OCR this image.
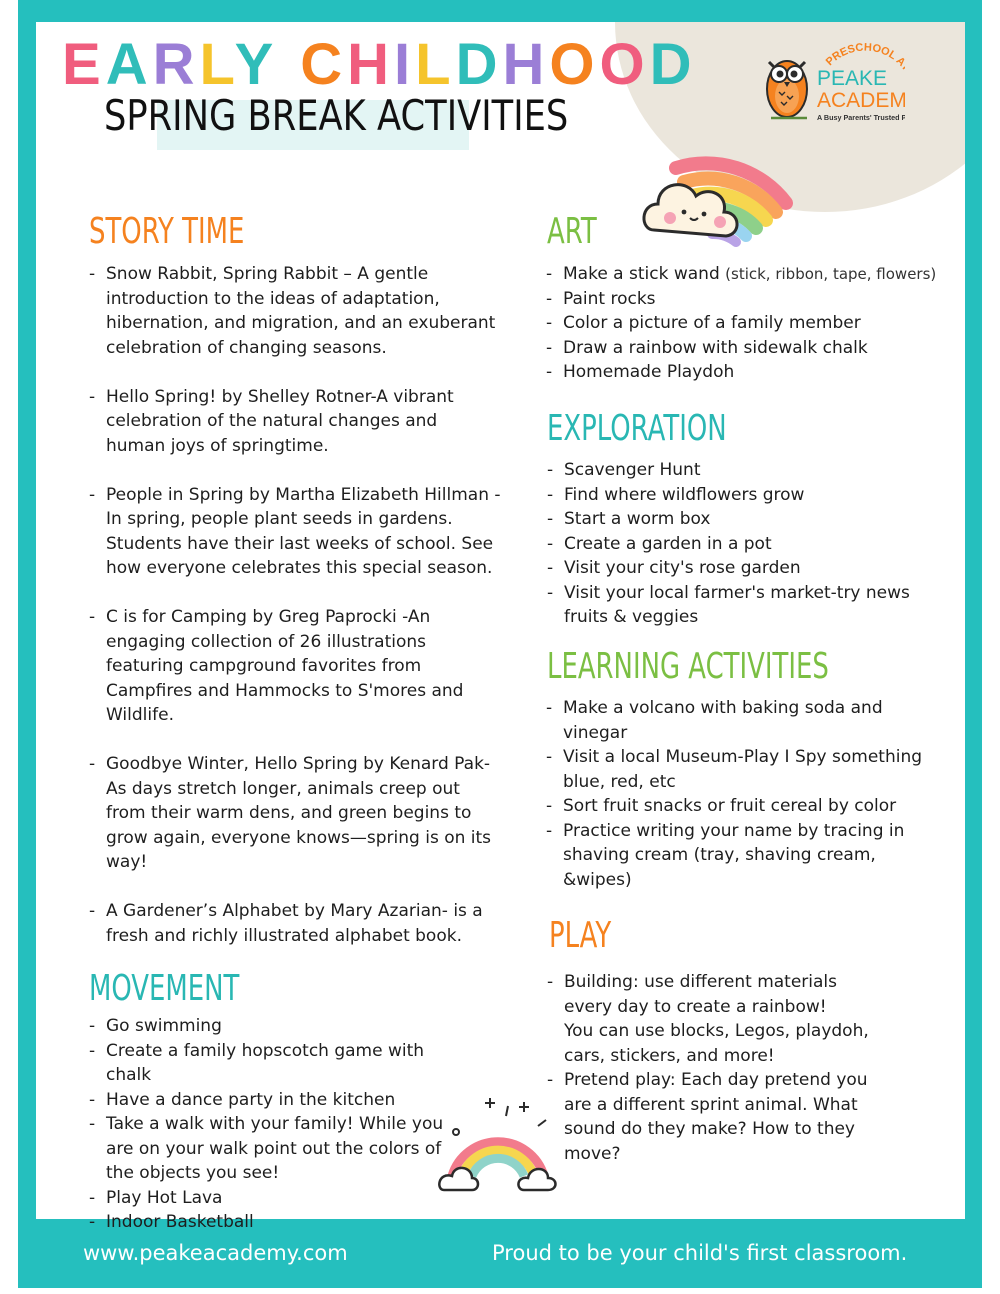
EARLY CHILDHOOD
SPRING BREAK ACTIVITIES
PRESCHOOL
PEAKE
ACADEM
A Busy Parents' Trusted P
STORY TIME
- Snow Rabbit, Spring Rabbit – A gentle
introduction to the ideas of adaptation,
hibernation, and migration, and an exuberant
celebration of changing seasons.
- Hello Spring! by Shelley Rotner-A vibrant
celebration of the natural changes and
human joys of springtime.
- People in Spring by Martha Elizabeth Hillman -
In spring, people plant seeds in gardens.
Students have their last weeks of school. See
how everyone celebrates this special season.
- C is for Camping by Greg Paprocki -An
engaging collection of 26 illustrations
featuring campground favorites from
Campfires and Hammocks to S'mores and
Wildlife.
- Goodbye Winter, Hello Spring by Kenard Pak-
As days stretch longer, animals creep out
from their warm dens, and green begins to
grow again, everyone knows—spring is on its
way!
- A Gardener’s Alphabet by Mary Azarian- is a
fresh and richly illustrated alphabet book.
MOVEMENT
- Go swimming
- Create a family hopscotch game with chalk
- Have a dance party in the kitchen
- Take a walk with your family! While you
are on your walk point out the colors of
the objects you see!
- Play Hot Lava
- Indoor Basketball
ART
- Make a stick wand (stick, ribbon, tape, flowers)
- Paint rocks
- Color a picture of a family member
- Draw a rainbow with sidewalk chalk
- Homemade Playdoh
EXPLORATION
- Scavenger Hunt
- Find where wildflowers grow
- Start a worm box
- Create a garden in a pot
- Visit your city's rose garden
- Visit your local farmer's market-try news
fruits & veggies
LEARNING ACTIVITIES
- Make a volcano with baking soda and
vinegar
- Visit a local Museum-Play I Spy something
blue, red, etc
- Sort fruit snacks or fruit cereal by color
- Practice writing your name by tracing in
shaving cream (tray, shaving cream,
&wipes)
PLAY
- Building: use different materials
every day to create a rainbow!
You can use blocks, Legos, playdoh,
cars, stickers, and more!
- Pretend play: Each day pretend you
are a different sprint animal. What
sound do they make? How to they
move?
www.peakeacademy.com	Proud to be your child's first classroom.
